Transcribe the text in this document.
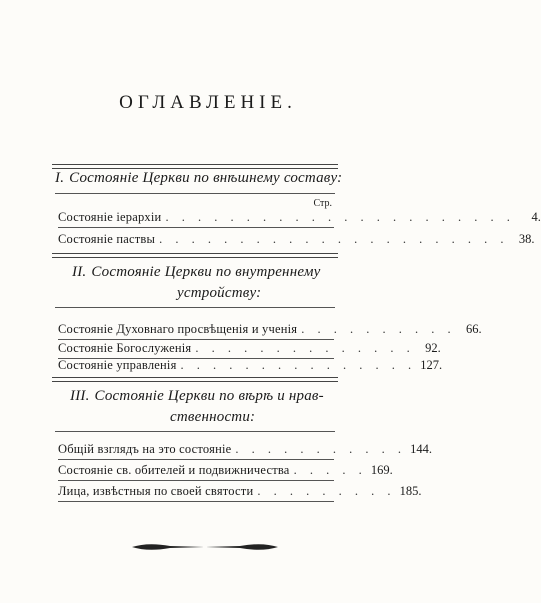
ОГЛАВЛЕНІЕ.
I. Состояніе Церкви по внѣшнему составу:
Стр.
Состояніе іерархіи . . . . . . . . . . . . . . . . . . . . . .	4.
Состояніе паствы . . . . . . . . . . . . . . . . . . . . . . 38.
II. Состояніе Церкви по внутреннему
устройству:
Состояніе Духовнаго просвѣщенія и ученія . . . . . . . . . . 66.
Состояніе Богослуженія . . . . . . . . . . . . . . 92.
Состояніе управленія . . . . . . . . . . . . . . . 127.
III. Состояніе Церкви по вѣрѣ и нрав-
ственности:
Общій взглядъ на это состояніе . . . . . . . . . . . 144.
Состояніе св. обителей и подвижничества . . . . . 169.
Лица, извѣстныя по своей святости . . . . . . . . . 185.
